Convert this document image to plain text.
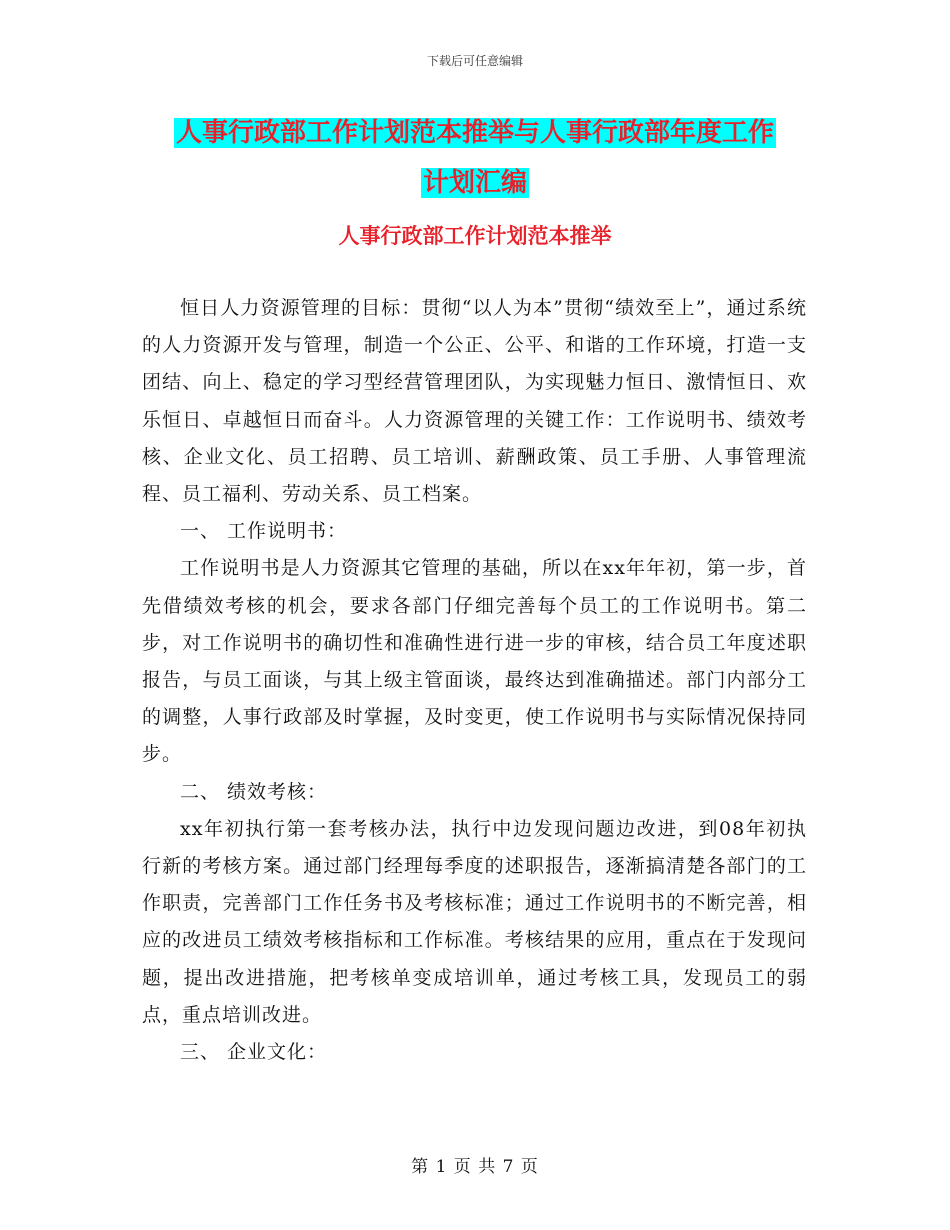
下载后可任意编辑
人事行政部工作计划范本推举与人事行政部年度工作
计划汇编
人事行政部工作计划范本推举

恒日人力资源管理的目标：贯彻“以人为本”贯彻“绩效至上”，通过系统的人力资源开发与管理，制造一个公正、公平、和谐的工作环境，打造一支团结、向上、稳定的学习型经营管理团队，为实现魅力恒日、激情恒日、欢乐恒日、卓越恒日而奋斗。人力资源管理的关键工作：工作说明书、绩效考核、企业文化、员工招聘、员工培训、薪酬政策、员工手册、人事管理流程、员工福利、劳动关系、员工档案。

一、 工作说明书：

工作说明书是人力资源其它管理的基础，所以在xx年年初，第一步，首先借绩效考核的机会，要求各部门仔细完善每个员工的工作说明书。第二步，对工作说明书的确切性和准确性进行进一步的审核，结合员工年度述职报告，与员工面谈，与其上级主管面谈，最终达到准确描述。部门内部分工的调整，人事行政部及时掌握，及时变更，使工作说明书与实际情况保持同步。

二、 绩效考核：

xx年初执行第一套考核办法，执行中边发现问题边改进，到08年初执行新的考核方案。通过部门经理每季度的述职报告，逐渐搞清楚各部门的工作职责，完善部门工作任务书及考核标准；通过工作说明书的不断完善，相应的改进员工绩效考核指标和工作标准。考核结果的应用，重点在于发现问题，提出改进措施，把考核单变成培训单，通过考核工具，发现员工的弱点，重点培训改进。

三、 企业文化：

第 1 页 共 7 页
